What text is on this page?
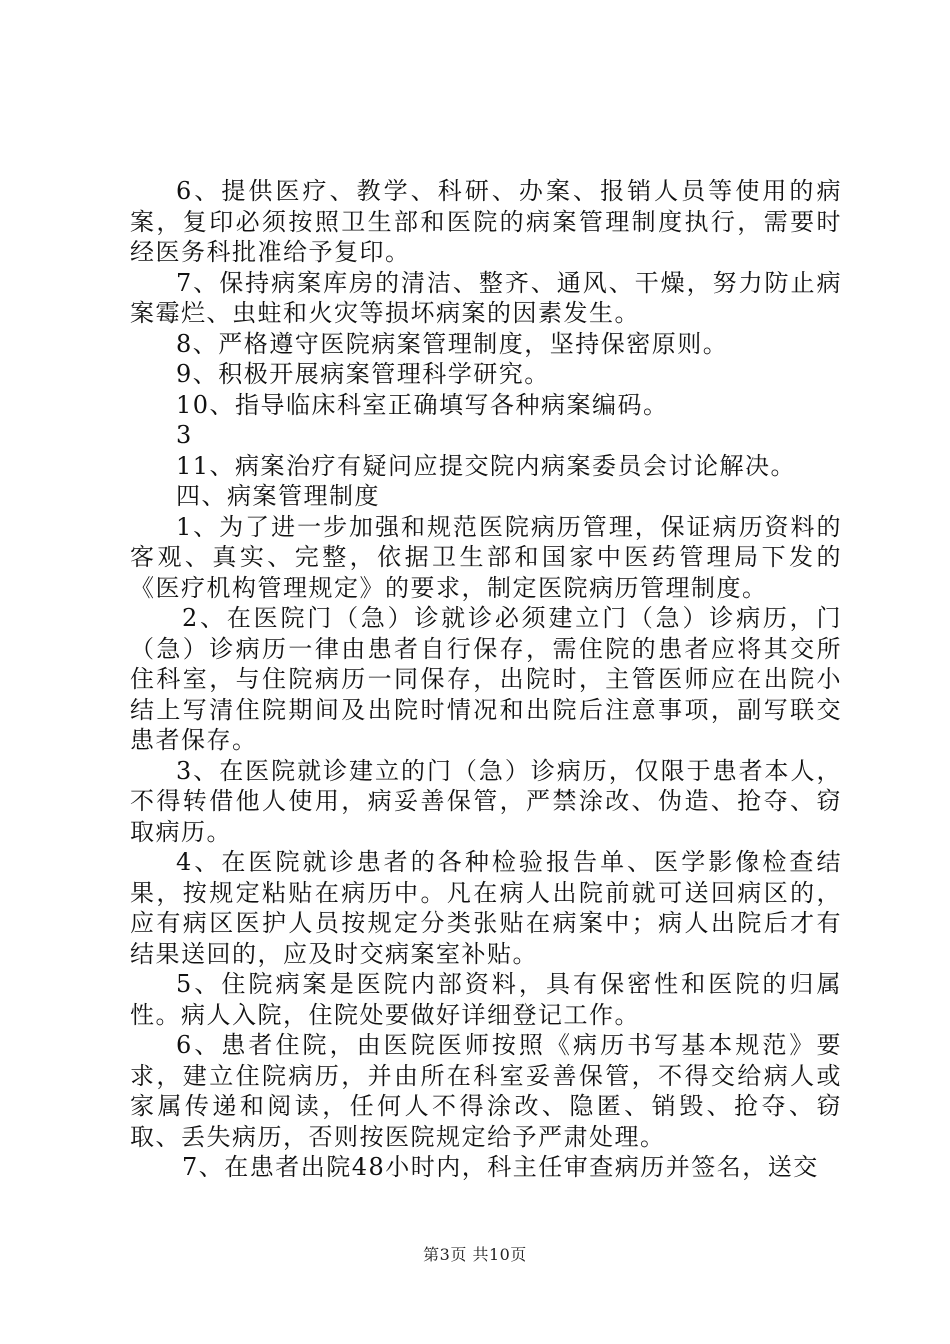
6、提供医疗、教学、科研、办案、报销人员等使用的病案，复印必须按照卫生部和医院的病案管理制度执行，需要时经医务科批准给予复印。

7、保持病案库房的清洁、整齐、通风、干燥，努力防止病案霉烂、虫蛀和火灾等损坏病案的因素发生。

8、严格遵守医院病案管理制度，坚持保密原则。

9、积极开展病案管理科学研究。

10、指导临床科室正确填写各种病案编码。

3

11、病案治疗有疑问应提交院内病案委员会讨论解决。

四、病案管理制度

1、为了进一步加强和规范医院病历管理，保证病历资料的客观、真实、完整，依据卫生部和国家中医药管理局下发的《医疗机构管理规定》的要求，制定医院病历管理制度。

2、在医院门（急）诊就诊必须建立门（急）诊病历，门（急）诊病历一律由患者自行保存，需住院的患者应将其交所住科室，与住院病历一同保存，出院时，主管医师应在出院小结上写清住院期间及出院时情况和出院后注意事项，副写联交患者保存。

3、在医院就诊建立的门（急）诊病历，仅限于患者本人，不得转借他人使用，病妥善保管，严禁涂改、伪造、抢夺、窃取病历。

4、在医院就诊患者的各种检验报告单、医学影像检查结果，按规定粘贴在病历中。凡在病人出院前就可送回病区的，应有病区医护人员按规定分类张贴在病案中；病人出院后才有结果送回的，应及时交病案室补贴。

5、住院病案是医院内部资料，具有保密性和医院的归属性。病人入院，住院处要做好详细登记工作。

6、患者住院，由医院医师按照《病历书写基本规范》要求，建立住院病历，并由所在科室妥善保管，不得交给病人或家属传递和阅读，任何人不得涂改、隐匿、销毁、抢夺、窃取、丢失病历，否则按医院规定给予严肃处理。

7、在患者出院48小时内，科主任审查病历并签名，送交

第3页 共10页
